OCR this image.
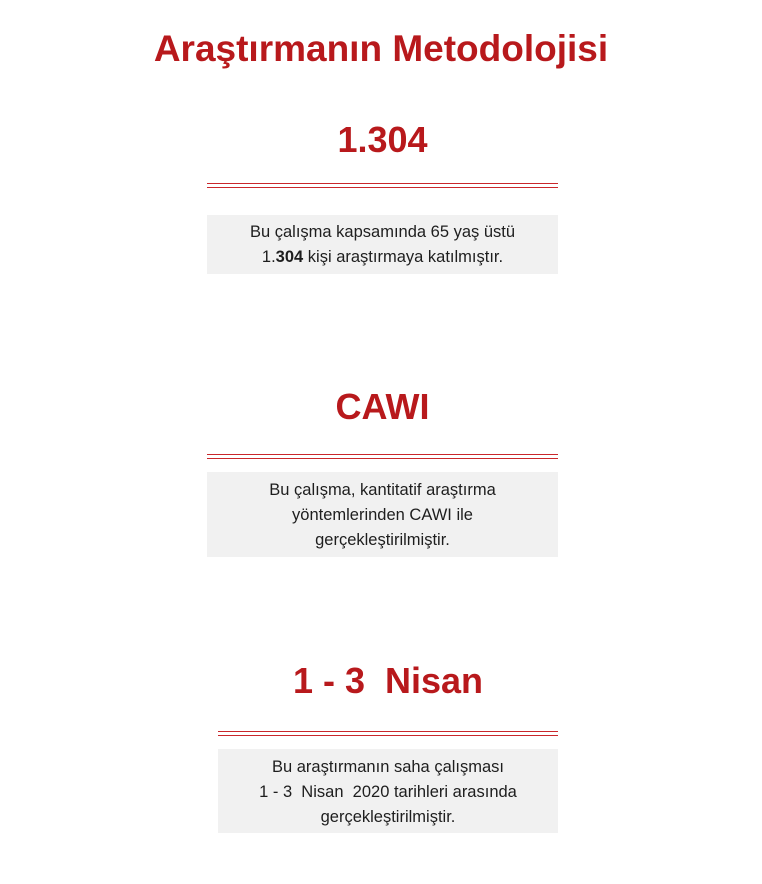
Araştırmanın Metodolojisi
1.304
Bu çalışma kapsamında 65 yaş üstü
1.304 kişi araştırmaya katılmıştır.
CAWI
Bu çalışma, kantitatif araştırma
yöntemlerinden CAWI ile
gerçekleştirilmiştir.
1 - 3  Nisan
Bu araştırmanın saha çalışması
1 - 3  Nisan  2020 tarihleri arasında
gerçekleştirilmiştir.
